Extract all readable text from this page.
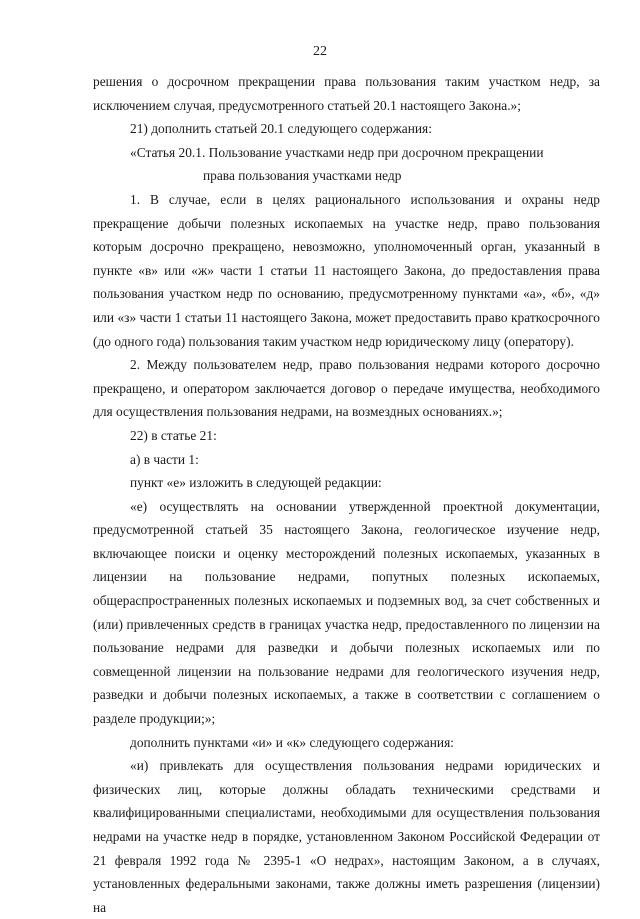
22

решения о досрочном прекращении права пользования таким участком недр, за исключением случая, предусмотренного статьей 20.1 настоящего Закона.»;

21) дополнить статьей 20.1 следующего содержания:

«Статья 20.1. Пользование участками недр при досрочном прекращении

права пользования участками недр

1. В случае, если в целях рационального использования и охраны недр прекращение добычи полезных ископаемых на участке недр, право пользования которым досрочно прекращено, невозможно, уполномоченный орган, указанный в пункте «в» или «ж» части 1 статьи 11 настоящего Закона, до предоставления права пользования участком недр по основанию, предусмотренному пунктами «а», «б», «д» или «з» части 1 статьи 11 настоящего Закона, может предоставить право краткосрочного (до одного года) пользования таким участком недр юридическому лицу (оператору).

2. Между пользователем недр, право пользования недрами которого досрочно прекращено, и оператором заключается договор о передаче имущества, необходимого для осуществления пользования недрами, на возмездных основаниях.»;

22) в статье 21:

а) в части 1:

пункт «е» изложить в следующей редакции:

«е) осуществлять на основании утвержденной проектной документации, предусмотренной статьей 35 настоящего Закона, геологическое изучение недр, включающее поиски и оценку месторождений полезных ископаемых, указанных в лицензии на пользование недрами, попутных полезных ископаемых, общераспространенных полезных ископаемых и подземных вод, за счет собственных и (или) привлеченных средств в границах участка недр, предоставленного по лицензии на пользование недрами для разведки и добычи полезных ископаемых или по совмещенной лицензии на пользование недрами для геологического изучения недр, разведки и добычи полезных ископаемых, а также в соответствии с соглашением о разделе продукции;»;

дополнить пунктами «и» и «к» следующего содержания:

«и) привлекать для осуществления пользования недрами юридических и физических лиц, которые должны обладать техническими средствами и квалифицированными специалистами, необходимыми для осуществления пользования недрами на участке недр в порядке, установленном Законом Российской Федерации от 21 февраля 1992 года № 2395-1 «О недрах», настоящим Законом, а в случаях, установленных федеральными законами, также должны иметь разрешения (лицензии) на
